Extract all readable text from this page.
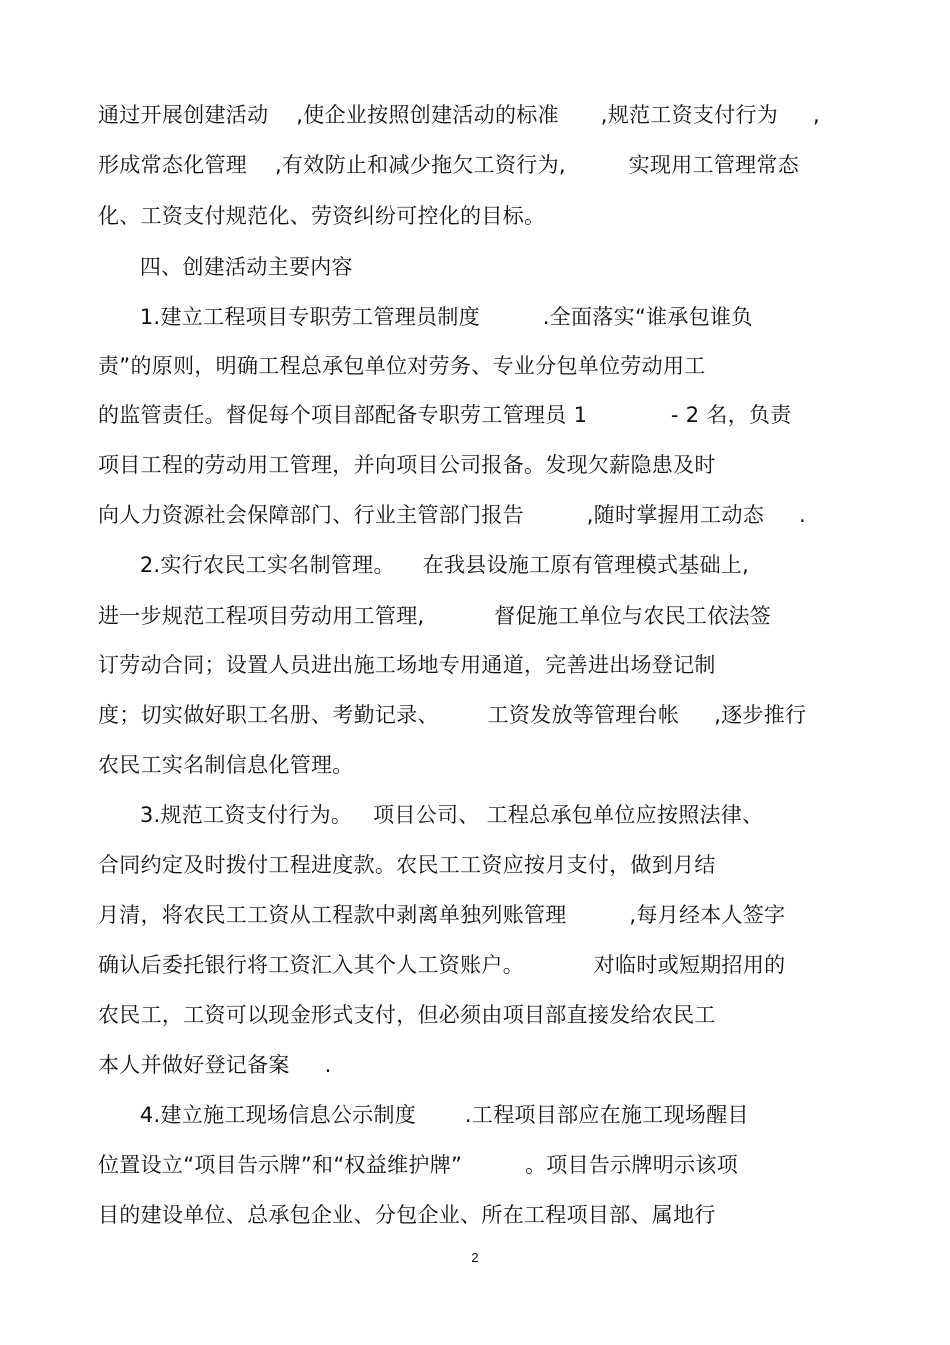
通过开展创建活动    ,使企业按照创建活动的标准      ,规范工资支付行为     ,
形成常态化管理    ,有效防止和减少拖欠工资行为,         实现用工管理常态
化、工资支付规范化、劳资纠纷可控化的目标。
四、创建活动主要内容
1.建立工程项目专职劳工管理员制度         .全面落实“谁承包谁负
责”的原则，明确工程总承包单位对劳务、专业分包单位劳动用工
的监管责任。督促每个项目部配备专职劳工管理员 1            - 2 名，负责
项目工程的劳动用工管理，并向项目公司报备。发现欠薪隐患及时
向人力资源社会保障部门、行业主管部门报告         ,随时掌握用工动态     .
2.实行农民工实名制管理。    在我县设施工原有管理模式基础上,
进一步规范工程项目劳动用工管理,          督促施工单位与农民工依法签
订劳动合同；设置人员进出施工场地专用通道，完善进出场登记制
度；切实做好职工名册、考勤记录、       工资发放等管理台帐     ,逐步推行
农民工实名制信息化管理。
3.规范工资支付行为。   项目公司、 工程总承包单位应按照法律、
合同约定及时拨付工程进度款。农民工工资应按月支付，做到月结
月清，将农民工工资从工程款中剥离单独列账管理         ,每月经本人签字
确认后委托银行将工资汇入其个人工资账户。          对临时或短期招用的
农民工，工资可以现金形式支付，但必须由项目部直接发给农民工
本人并做好登记备案     .
4.建立施工现场信息公示制度       .工程项目部应在施工现场醒目
位置设立“项目告示牌”和“权益维护牌”         。项目告示牌明示该项
目的建设单位、总承包企业、分包企业、所在工程项目部、属地行
2
